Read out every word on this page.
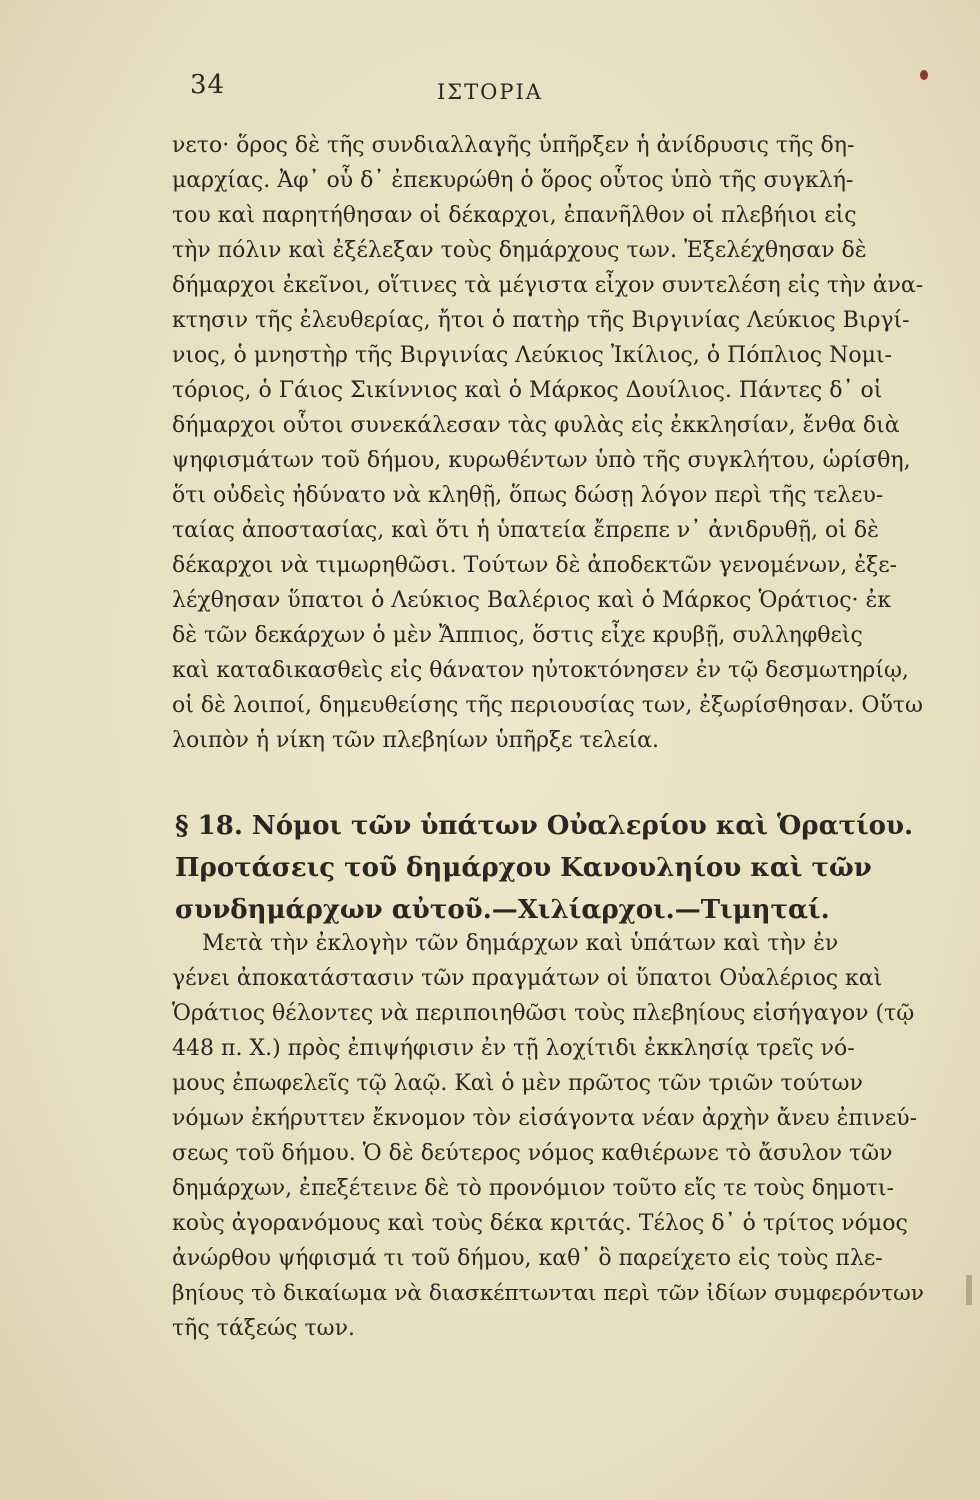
34	ΙΣΤΟΡΙΑ
νετο· ὅρος δὲ τῆς συνδιαλλαγῆς ὑπῆρξεν ἡ ἀνίδρυσις τῆς δη-
μαρχίας. Ἀφ᾽ οὗ δ᾽ ἐπεκυρώθη ὁ ὅρος οὗτος ὑπὸ τῆς συγκλή-
του καὶ παρητήθησαν οἱ δέκαρχοι, ἐπανῆλθον οἱ πλεβήιοι εἰς
τὴν πόλιν καὶ ἐξέλεξαν τοὺς δημάρχους των. Ἐξελέχθησαν δὲ
δήμαρχοι ἐκεῖνοι, οἵτινες τὰ μέγιστα εἶχον συντελέση εἰς τὴν ἀνα-
κτησιν τῆς ἐλευθερίας, ἤτοι ὁ πατὴρ τῆς Βιργινίας Λεύκιος Βιργί-
νιος, ὁ μνηστὴρ τῆς Βιργινίας Λεύκιος Ἰκίλιος, ὁ Πόπλιος Νομι-
τόριος, ὁ Γάιος Σικίννιος καὶ ὁ Μάρκος Δουίλιος. Πάντες δ᾽ οἱ
δήμαρχοι οὗτοι συνεκάλεσαν τὰς φυλὰς εἰς ἐκκλησίαν, ἔνθα διὰ
ψηφισμάτων τοῦ δήμου, κυρωθέντων ὑπὸ τῆς συγκλήτου, ὡρίσθη,
ὅτι οὐδεὶς ἠδύνατο νὰ κληθῇ, ὅπως δώσῃ λόγον περὶ τῆς τελευ-
ταίας ἀποστασίας, καὶ ὅτι ἡ ὑπατεία ἔπρεπε ν᾽ ἀνιδρυθῇ, οἱ δὲ
δέκαρχοι νὰ τιμωρηθῶσι. Τούτων δὲ ἀποδεκτῶν γενομένων, ἐξε-
λέχθησαν ὕπατοι ὁ Λεύκιος Βαλέριος καὶ ὁ Μάρκος Ὁράτιος· ἐκ
δὲ τῶν δεκάρχων ὁ μὲν Ἄππιος, ὅστις εἶχε κρυβῇ, συλληφθεὶς
καὶ καταδικασθεὶς εἰς θάνατον ηὐτοκτόνησεν ἐν τῷ δεσμωτηρίῳ,
οἱ δὲ λοιποί, δημευθείσης τῆς περιουσίας των, ἐξωρίσθησαν. Οὕτω
λοιπὸν ἡ νίκη τῶν πλεβηίων ὑπῆρξε τελεία.
§ 18. Νόμοι τῶν ὑπάτων Οὐαλερίου καὶ Ὁρατίου.
Προτάσεις τοῦ δημάρχου Κανουληίου καὶ τῶν
συνδημάρχων αὐτοῦ.—Χιλίαρχοι.—Τιμηταί.
Μετὰ τὴν ἐκλογὴν τῶν δημάρχων καὶ ὑπάτων καὶ τὴν ἐν
γένει ἀποκατάστασιν τῶν πραγμάτων οἱ ὕπατοι Οὐαλέριος καὶ
Ὁράτιος θέλοντες νὰ περιποιηθῶσι τοὺς πλεβηίους εἰσήγαγον (τῷ
448 π. Χ.) πρὸς ἐπιψήφισιν ἐν τῇ λοχίτιδι ἐκκλησίᾳ τρεῖς νό-
μους ἐπωφελεῖς τῷ λαῷ. Καὶ ὁ μὲν πρῶτος τῶν τριῶν τούτων
νόμων ἐκήρυττεν ἔκνομον τὸν εἰσάγοντα νέαν ἀρχὴν ἄνευ ἐπινεύ-
σεως τοῦ δήμου. Ὁ δὲ δεύτερος νόμος καθιέρωνε τὸ ἄσυλον τῶν
δημάρχων, ἐπεξέτεινε δὲ τὸ προνόμιον τοῦτο εἴς τε τοὺς δημοτι-
κοὺς ἀγορανόμους καὶ τοὺς δέκα κριτάς. Τέλος δ᾽ ὁ τρίτος νόμος
ἀνώρθου ψήφισμά τι τοῦ δήμου, καθ᾽ ὃ παρείχετο εἰς τοὺς πλε-
βηίους τὸ δικαίωμα νὰ διασκέπτωνται περὶ τῶν ἰδίων συμφερόντων
τῆς τάξεώς των.
